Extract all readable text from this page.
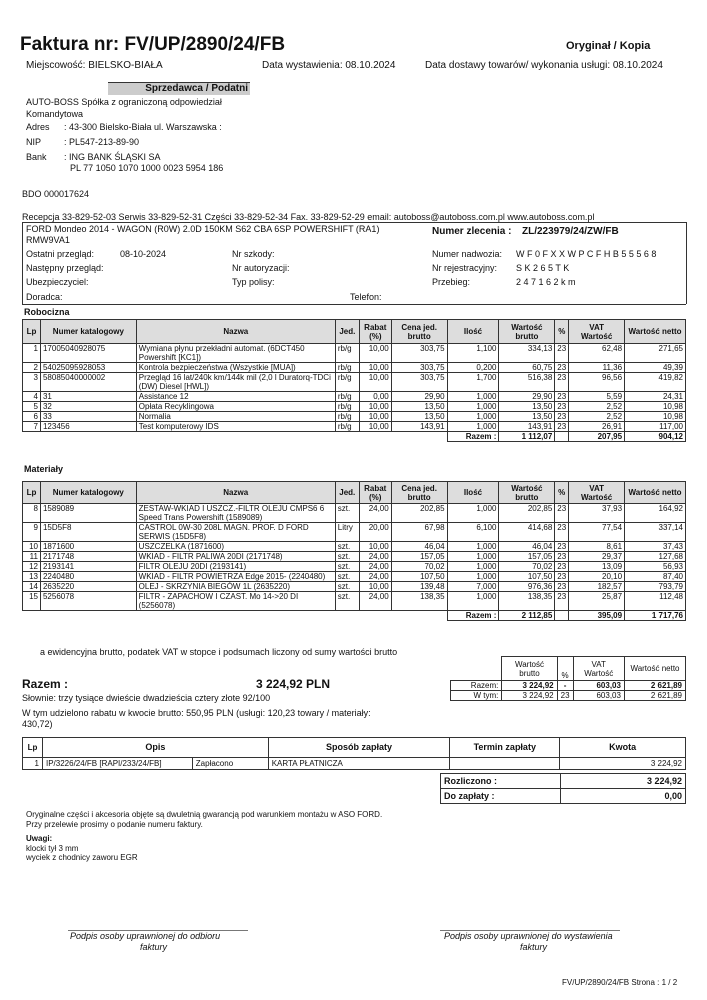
Faktura nr: FV/UP/2890/24/FB	Oryginał / Kopia
Miejscowość: BIELSKO-BIAŁA	Data wystawienia: 08.10.2024	Data dostawy towarów/ wykonania usługi: 08.10.2024
Sprzedawca / Podatni
AUTO-BOSS Spółka z ograniczoną odpowiedział
Komandytowa
Adres : 43-300 Bielsko-Biała ul. Warszawska :
NIP	: PL547-213-89-90
Bank : ING BANK ŚLĄSKI SA
PL 77 1050 1070 1000 0023 5954 186
BDO 000017624
Recepcja 33-829-52-03 Serwis 33-829-52-31 Części 33-829-52-34 Fax. 33-829-52-29 email: autoboss@autoboss.com.pl www.autoboss.com.pl
FORD Mondeo 2014 - WAGON (R0W) 2.0D 150KM S62 CBA 6SP POWERSHIFT (RA1)
RMW9VA1
Numer zlecenia : ZL/223979/24/ZW/FB
Ostatni przegląd:	08-10-2024
Następny przegląd:
Ubezpieczyciel:
Doradca:
Nr szkody:
Nr autoryzacji:
Typ polisy:
Telefon:
Numer nadwozia: W F 0 F X X W P C F H B 5 5 5 6 8
Nr rejestracyjny: S K 2 6 5 T K
Przebieg:	2 4 7 1 6 2 k m
Robocizna
Lp	Numer katalogowy	Nazwa	Jed.	Rabat (%)	Cena jed. brutto	Ilość	Wartość brutto	%	VAT
Wartość	Wartość netto
1	17005040928075	Wymiana płynu przekładni automat. (6DCT450 Powershift [KC1])	rb/g	10,00	303,75	1,100	334,13	23	62,48	271,65
2	54025095928053	Kontrola bezpieczeństwa (Wszystkie [MUA])	rb/g	10,00	303,75	0,200	60,75	23	11,36	49,39
3	58085040000002	Przegląd 16 lat/240k km/144k mil (2,0 l Duratorq-TDCi (DW) Diesel [HWL])	rb/g	10,00	303,75	1,700	516,38	23	96,56	419,82
4	31	Assistance 12	rb/g	0,00	29,90	1,000	29,90	23	5,59	24,31
5	32	Opłata Recyklingowa	rb/g	10,00	13,50	1,000	13,50	23	2,52	10,98
6	33	Normalia	rb/g	10,00	13,50	1,000	13,50	23	2,52	10,98
7	123456	Test komputerowy IDS	rb/g	10,00	143,91	1,000	143,91	23	26,91	117,00
						Razem :	1 112,07		207,95	904,12
Materiały
Lp	Numer katalogowy	Nazwa	Jed.	Rabat (%)	Cena jed. brutto	Ilość	Wartość brutto	%	VAT
Wartość	Wartość netto
8	1589089	ZESTAW-WKIAD I USZCZ.-FILTR OLEJU CMPS6 6 Speed Trans Powershift (1589089)	szt.	24,00	202,85	1,000	202,85	23	37,93	164,92
9	15D5F8	CASTROL 0W-30 208L MAGN. PROF. D FORD SERWIS (15D5F8)	Litry	20,00	67,98	6,100	414,68	23	77,54	337,14
10	1871600	USZCZELKA (1871600)	szt.	10,00	46,04	1,000	46,04	23	8,61	37,43
11	2171748	WKIAD - FILTR PALIWA 20DI (2171748)	szt.	24,00	157,05	1,000	157,05	23	29,37	127,68
12	2193141	FILTR OLEJU 20DI (2193141)	szt.	24,00	70,02	1,000	70,02	23	13,09	56,93
13	2240480	WKIAD - FILTR POWIETRZA Edge 2015- (2240480)	szt.	24,00	107,50	1,000	107,50	23	20,10	87,40
14	2635220	OLEJ - SKRZYNIA BIEGÓW 1L (2635220)	szt.	10,00	139,48	7,000	976,36	23	182,57	793,79
15	5256078	FILTR - ZAPACHOW I CZAST. Mo 14->20 DI (5256078)	szt.	24,00	138,35	1,000	138,35	23	25,87	112,48
						Razem :	2 112,85		395,09	1 717,76
a ewidencyjna brutto, podatek VAT w stopce i podsumach liczony od sumy wartości brutto
Razem :	3 224,92 PLN
Słownie: trzy tysiące dwieście dwadzieścia cztery złote 92/100
W tym udzielono rabatu w kwocie brutto: 550,95 PLN (usługi: 120,23 towary / materiały:
430,72)
	Wartość brutto	%	VAT
Wartość	Wartość netto
Razem:	3 224,92	-	603,03	2 621,89
W tym:	3 224,92	23	603,03	2 621,89
Lp	Opis		Sposób zapłaty	Termin zapłaty	Kwota
1	IP/3226/24/FB [RAPI/233/24/FB]	Zapłacono	KARTA PŁATNICZA		3 224,92
Rozliczono :	3 224,92
Do zapłaty :	0,00
Oryginalne części i akcesoria objęte są dwuletnią gwarancją pod warunkiem montażu w ASO FORD.
Przy przelewie prosimy o podanie numeru faktury.
Uwagi:
klocki tył 3 mm
wyciek z chodnicy zaworu EGR
Podpis osoby uprawnionej do odbioru
faktury
Podpis osoby uprawnionej do wystawienia
faktury
FV/UP/2890/24/FB Strona : 1 / 2
